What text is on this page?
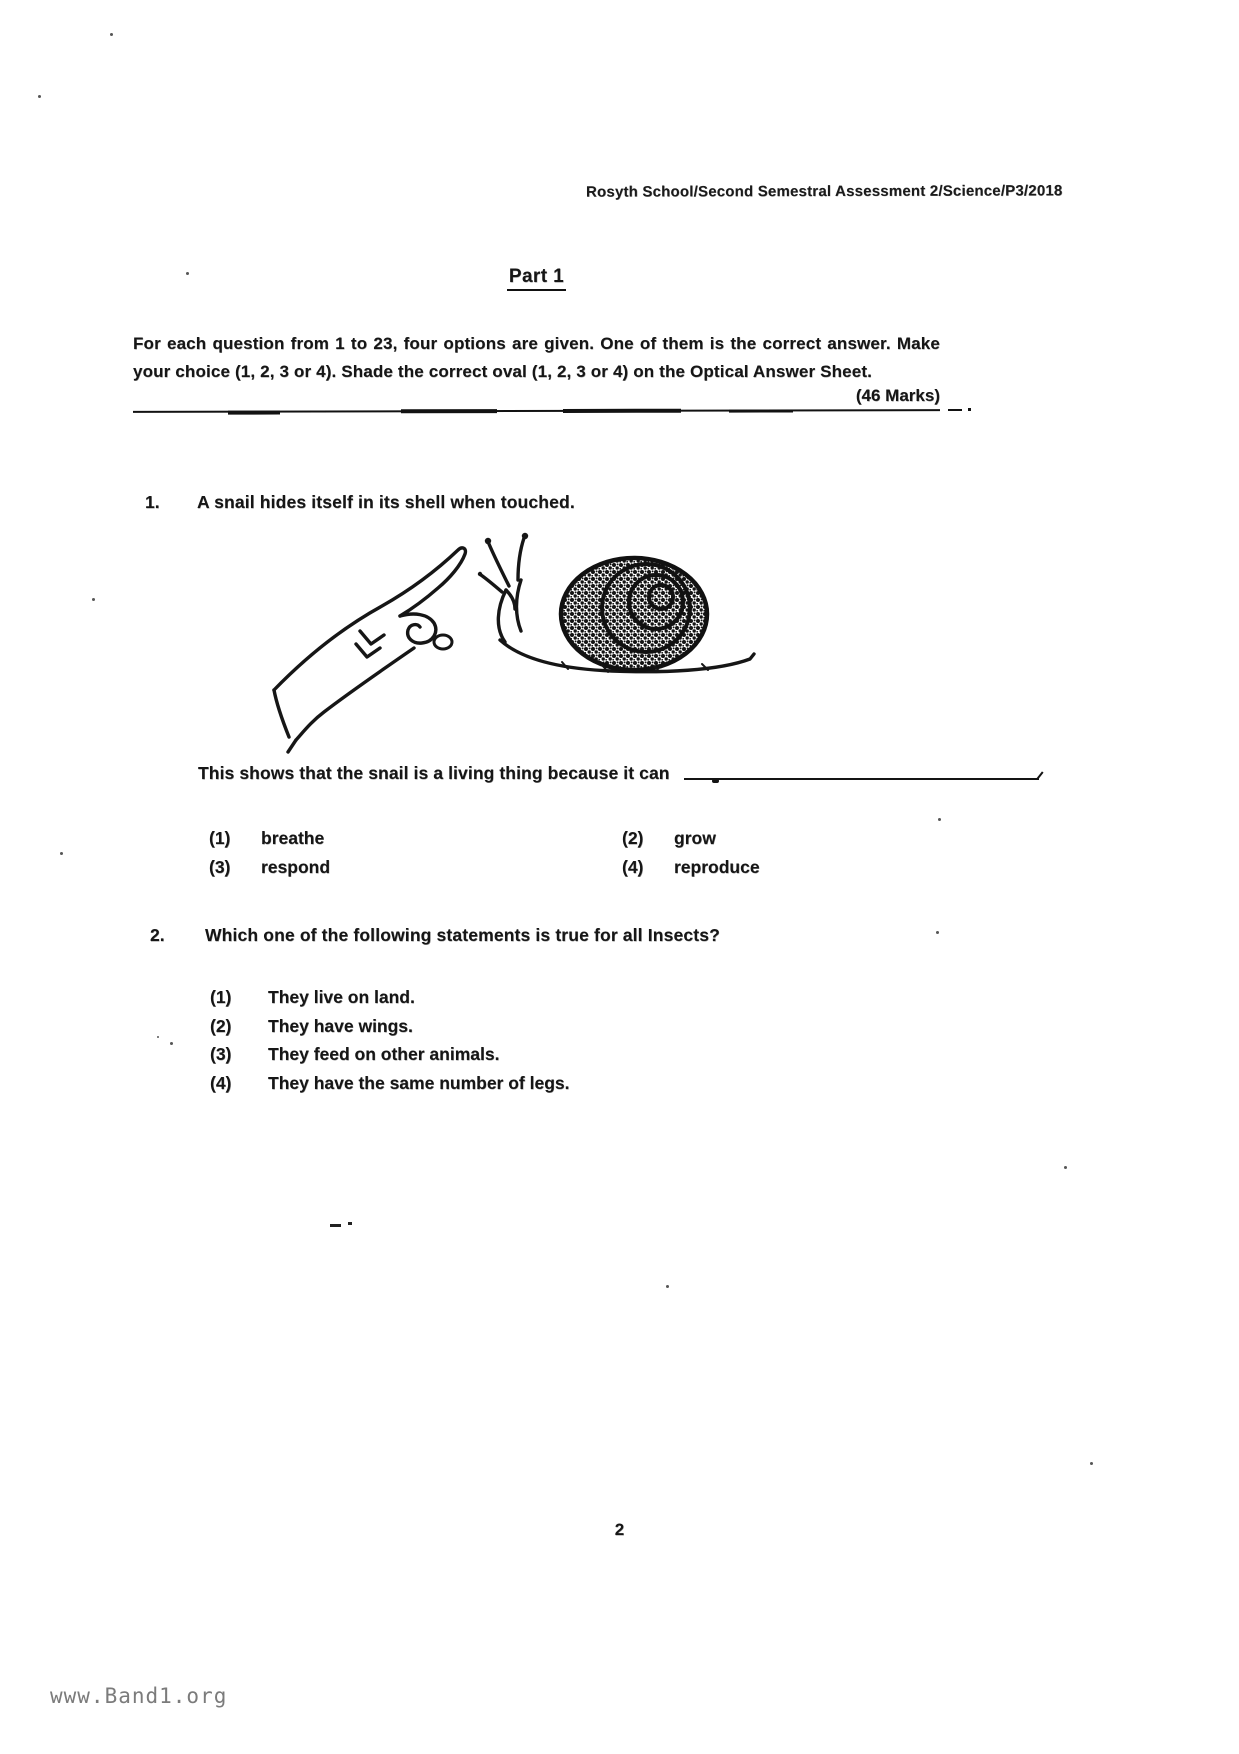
Rosyth School/Second Semestral Assessment 2/Science/P3/2018
Part 1
For each question from 1 to 23, four options are given. One of them is the correct answer. Make your choice (1, 2, 3 or 4). Shade the correct oval (1, 2, 3 or 4) on the Optical Answer Sheet.
(46 Marks)
1. A snail hides itself in its shell when touched.
This shows that the snail is a living thing because it can
(1)	breathe	(2)	grow
(3)	respond	(4)	reproduce
2. Which one of the following statements is true for all Insects?
(1)	They live on land.
(2)	They have wings.
(3)	They feed on other animals.
(4)	They have the same number of legs.
2
www.Band1.org
